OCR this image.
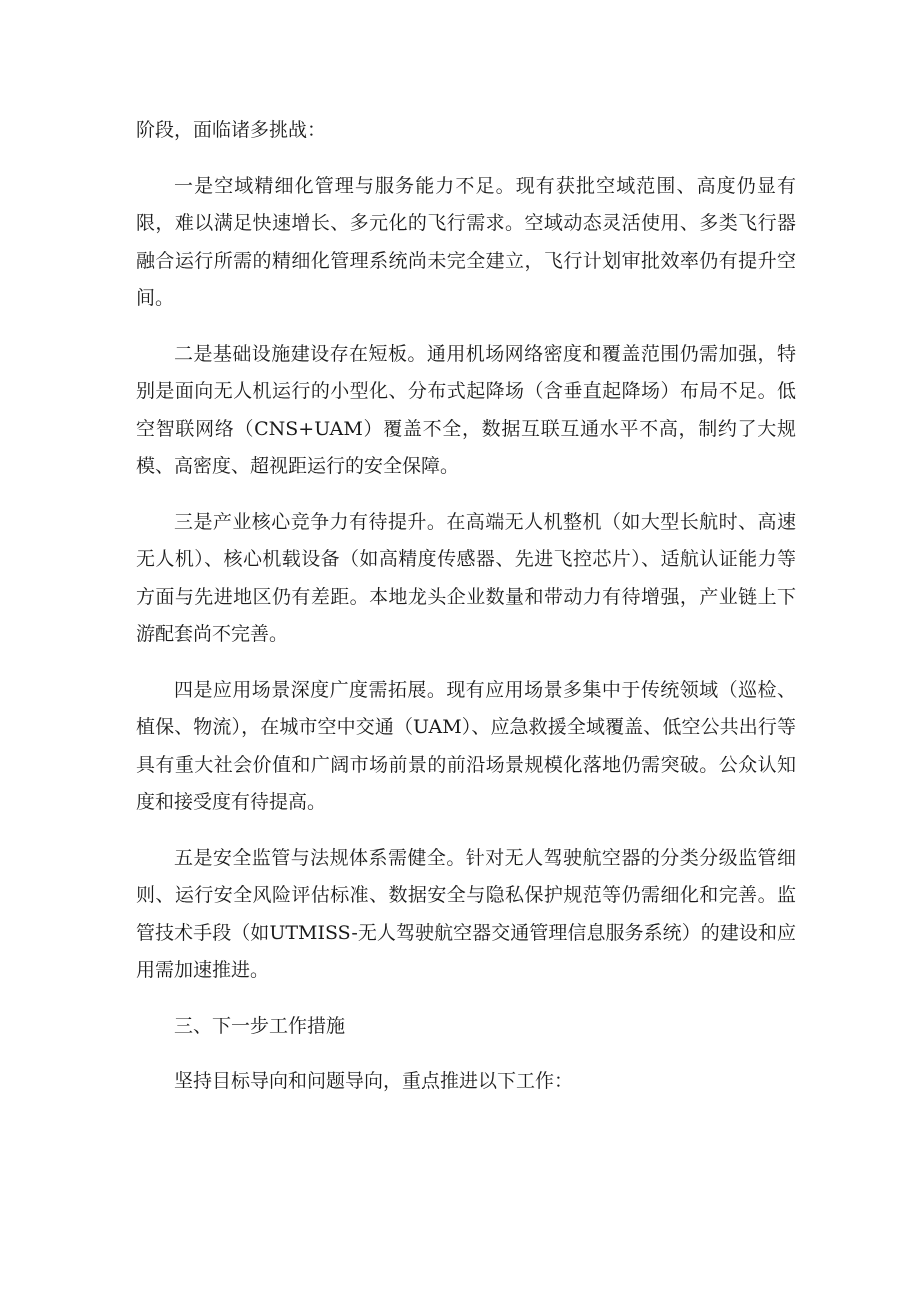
阶段，面临诸多挑战：

一是空域精细化管理与服务能力不足。现有获批空域范围、高度仍显有限，难以满足快速增长、多元化的飞行需求。空域动态灵活使用、多类飞行器融合运行所需的精细化管理系统尚未完全建立，飞行计划审批效率仍有提升空间。

二是基础设施建设存在短板。通用机场网络密度和覆盖范围仍需加强，特别是面向无人机运行的小型化、分布式起降场（含垂直起降场）布局不足。低空智联网络（CNS+UAM）覆盖不全，数据互联互通水平不高，制约了大规模、高密度、超视距运行的安全保障。

三是产业核心竞争力有待提升。在高端无人机整机（如大型长航时、高速无人机）、核心机载设备（如高精度传感器、先进飞控芯片）、适航认证能力等方面与先进地区仍有差距。本地龙头企业数量和带动力有待增强，产业链上下游配套尚不完善。

四是应用场景深度广度需拓展。现有应用场景多集中于传统领域（巡检、植保、物流），在城市空中交通（UAM）、应急救援全域覆盖、低空公共出行等具有重大社会价值和广阔市场前景的前沿场景规模化落地仍需突破。公众认知度和接受度有待提高。

五是安全监管与法规体系需健全。针对无人驾驶航空器的分类分级监管细则、运行安全风险评估标准、数据安全与隐私保护规范等仍需细化和完善。监管技术手段（如UTMISS-无人驾驶航空器交通管理信息服务系统）的建设和应用需加速推进。

三、下一步工作措施

坚持目标导向和问题导向，重点推进以下工作：
